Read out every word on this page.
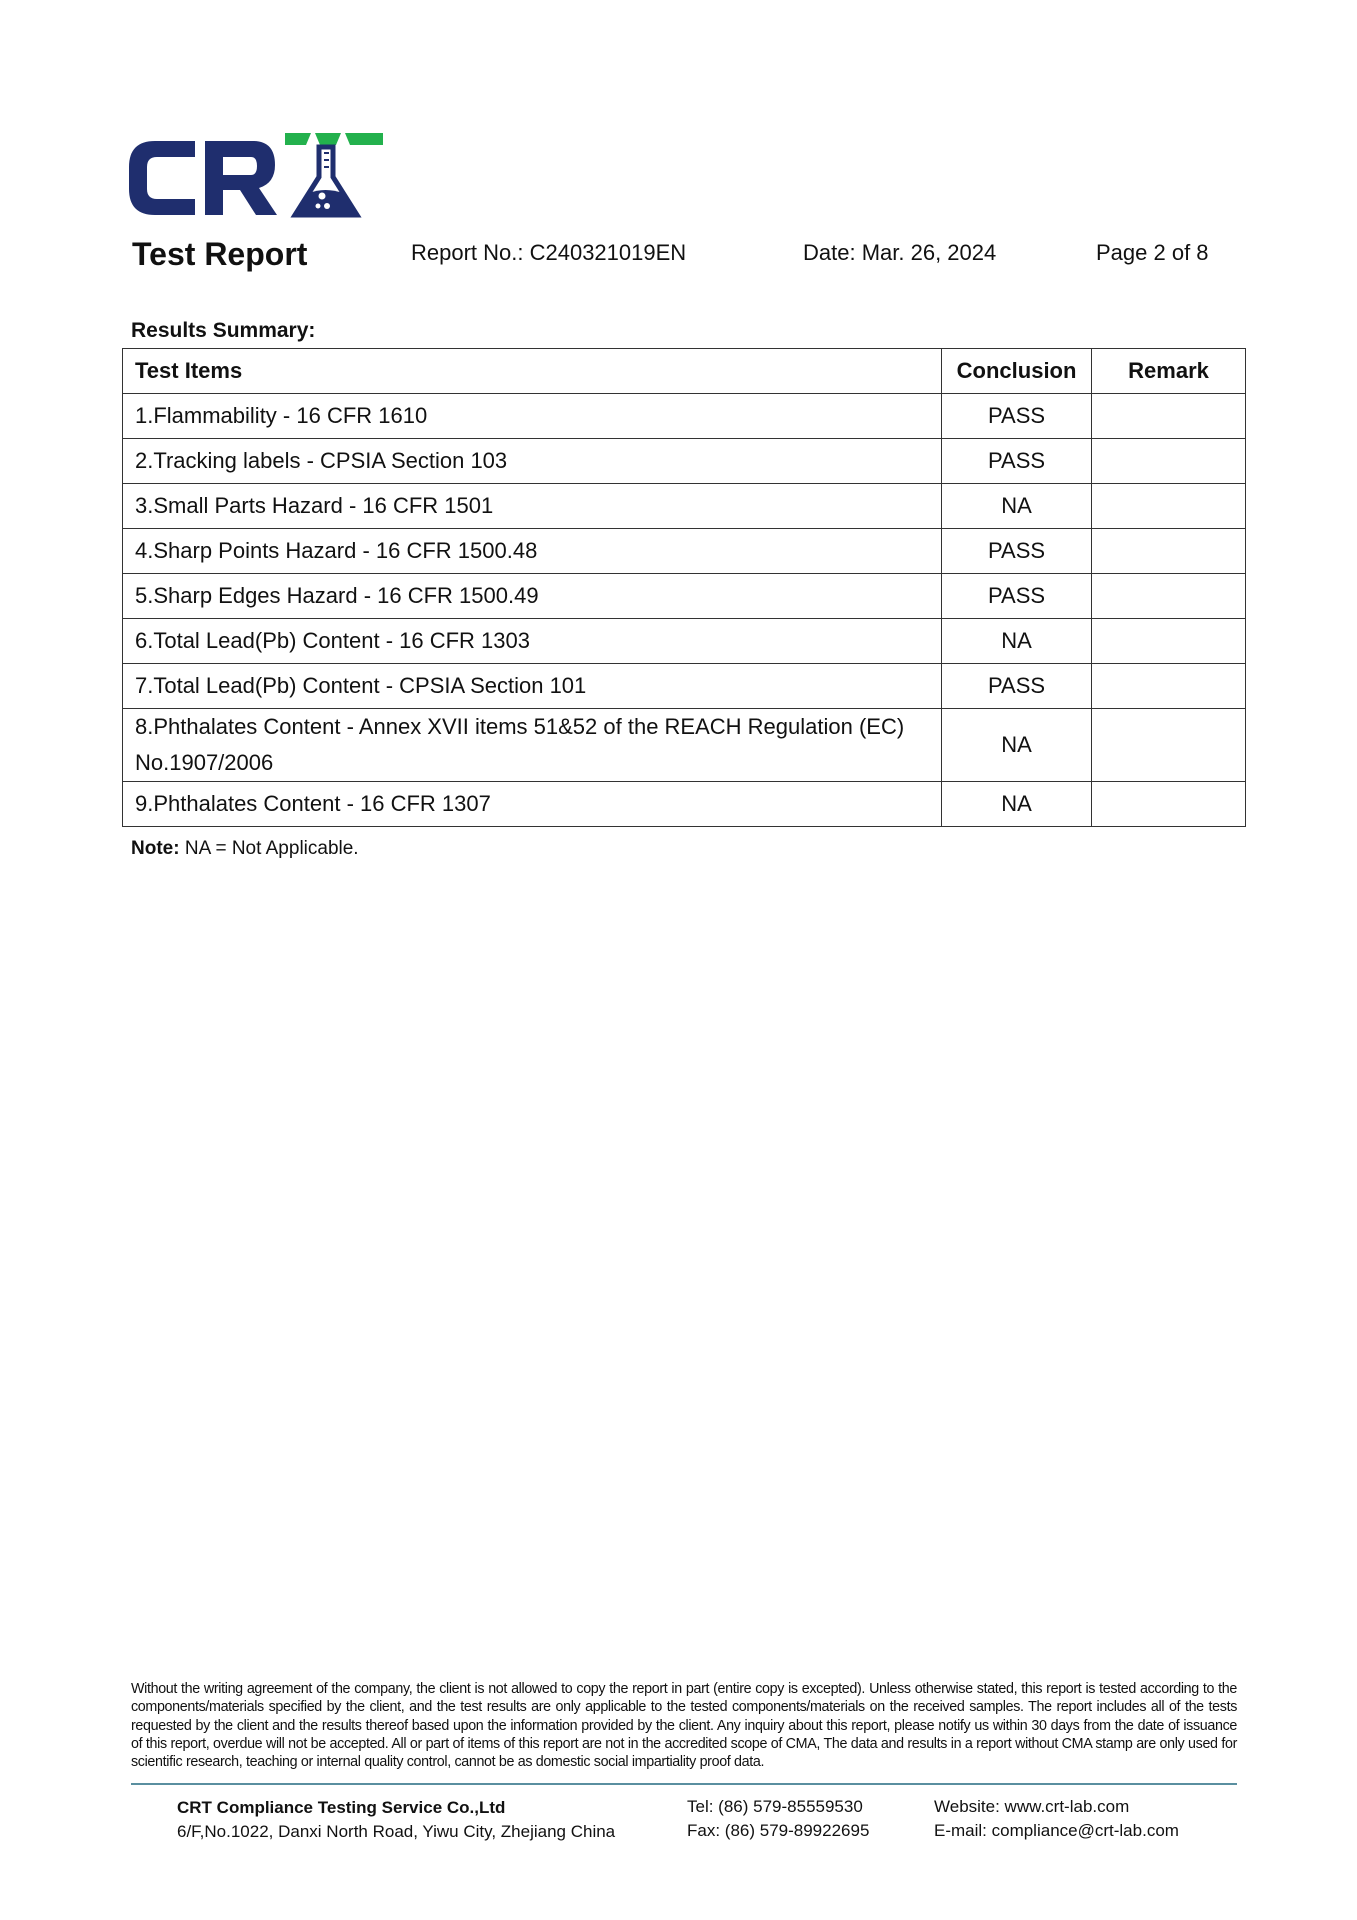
Test Report	Report No.: C240321019EN	Date: Mar. 26, 2024	Page 2 of 8
Results Summary:
Test Items	Conclusion	Remark
1.Flammability - 16 CFR 1610	PASS	
2.Tracking labels - CPSIA Section 103	PASS	
3.Small Parts Hazard - 16 CFR 1501	NA	
4.Sharp Points Hazard - 16 CFR 1500.48	PASS	
5.Sharp Edges Hazard - 16 CFR 1500.49	PASS	
6.Total Lead(Pb) Content - 16 CFR 1303	NA	
7.Total Lead(Pb) Content - CPSIA Section 101	PASS	
8.Phthalates Content - Annex XVII items 51&52 of the REACH Regulation (EC) No.1907/2006	NA	
9.Phthalates Content - 16 CFR 1307	NA	
Note: NA = Not Applicable.
Without the writing agreement of the company, the client is not allowed to copy the report in part (entire copy is excepted). Unless otherwise stated, this report is tested according to the components/materials specified by the client, and the test results are only applicable to the tested components/materials on the received samples. The report includes all of the tests requested by the client and the results thereof based upon the information provided by the client. Any inquiry about this report, please notify us within 30 days from the date of issuance of this report, overdue will not be accepted. All or part of items of this report are not in the accredited scope of CMA, The data and results in a report without CMA stamp are only used for scientific research, teaching or internal quality control, cannot be as domestic social impartiality proof data.
CRT Compliance Testing Service Co.,Ltd
6/F,No.1022, Danxi North Road, Yiwu City, Zhejiang China
Tel: (86) 579-85559530
Fax: (86) 579-89922695
Website: www.crt-lab.com
E-mail: compliance@crt-lab.com
